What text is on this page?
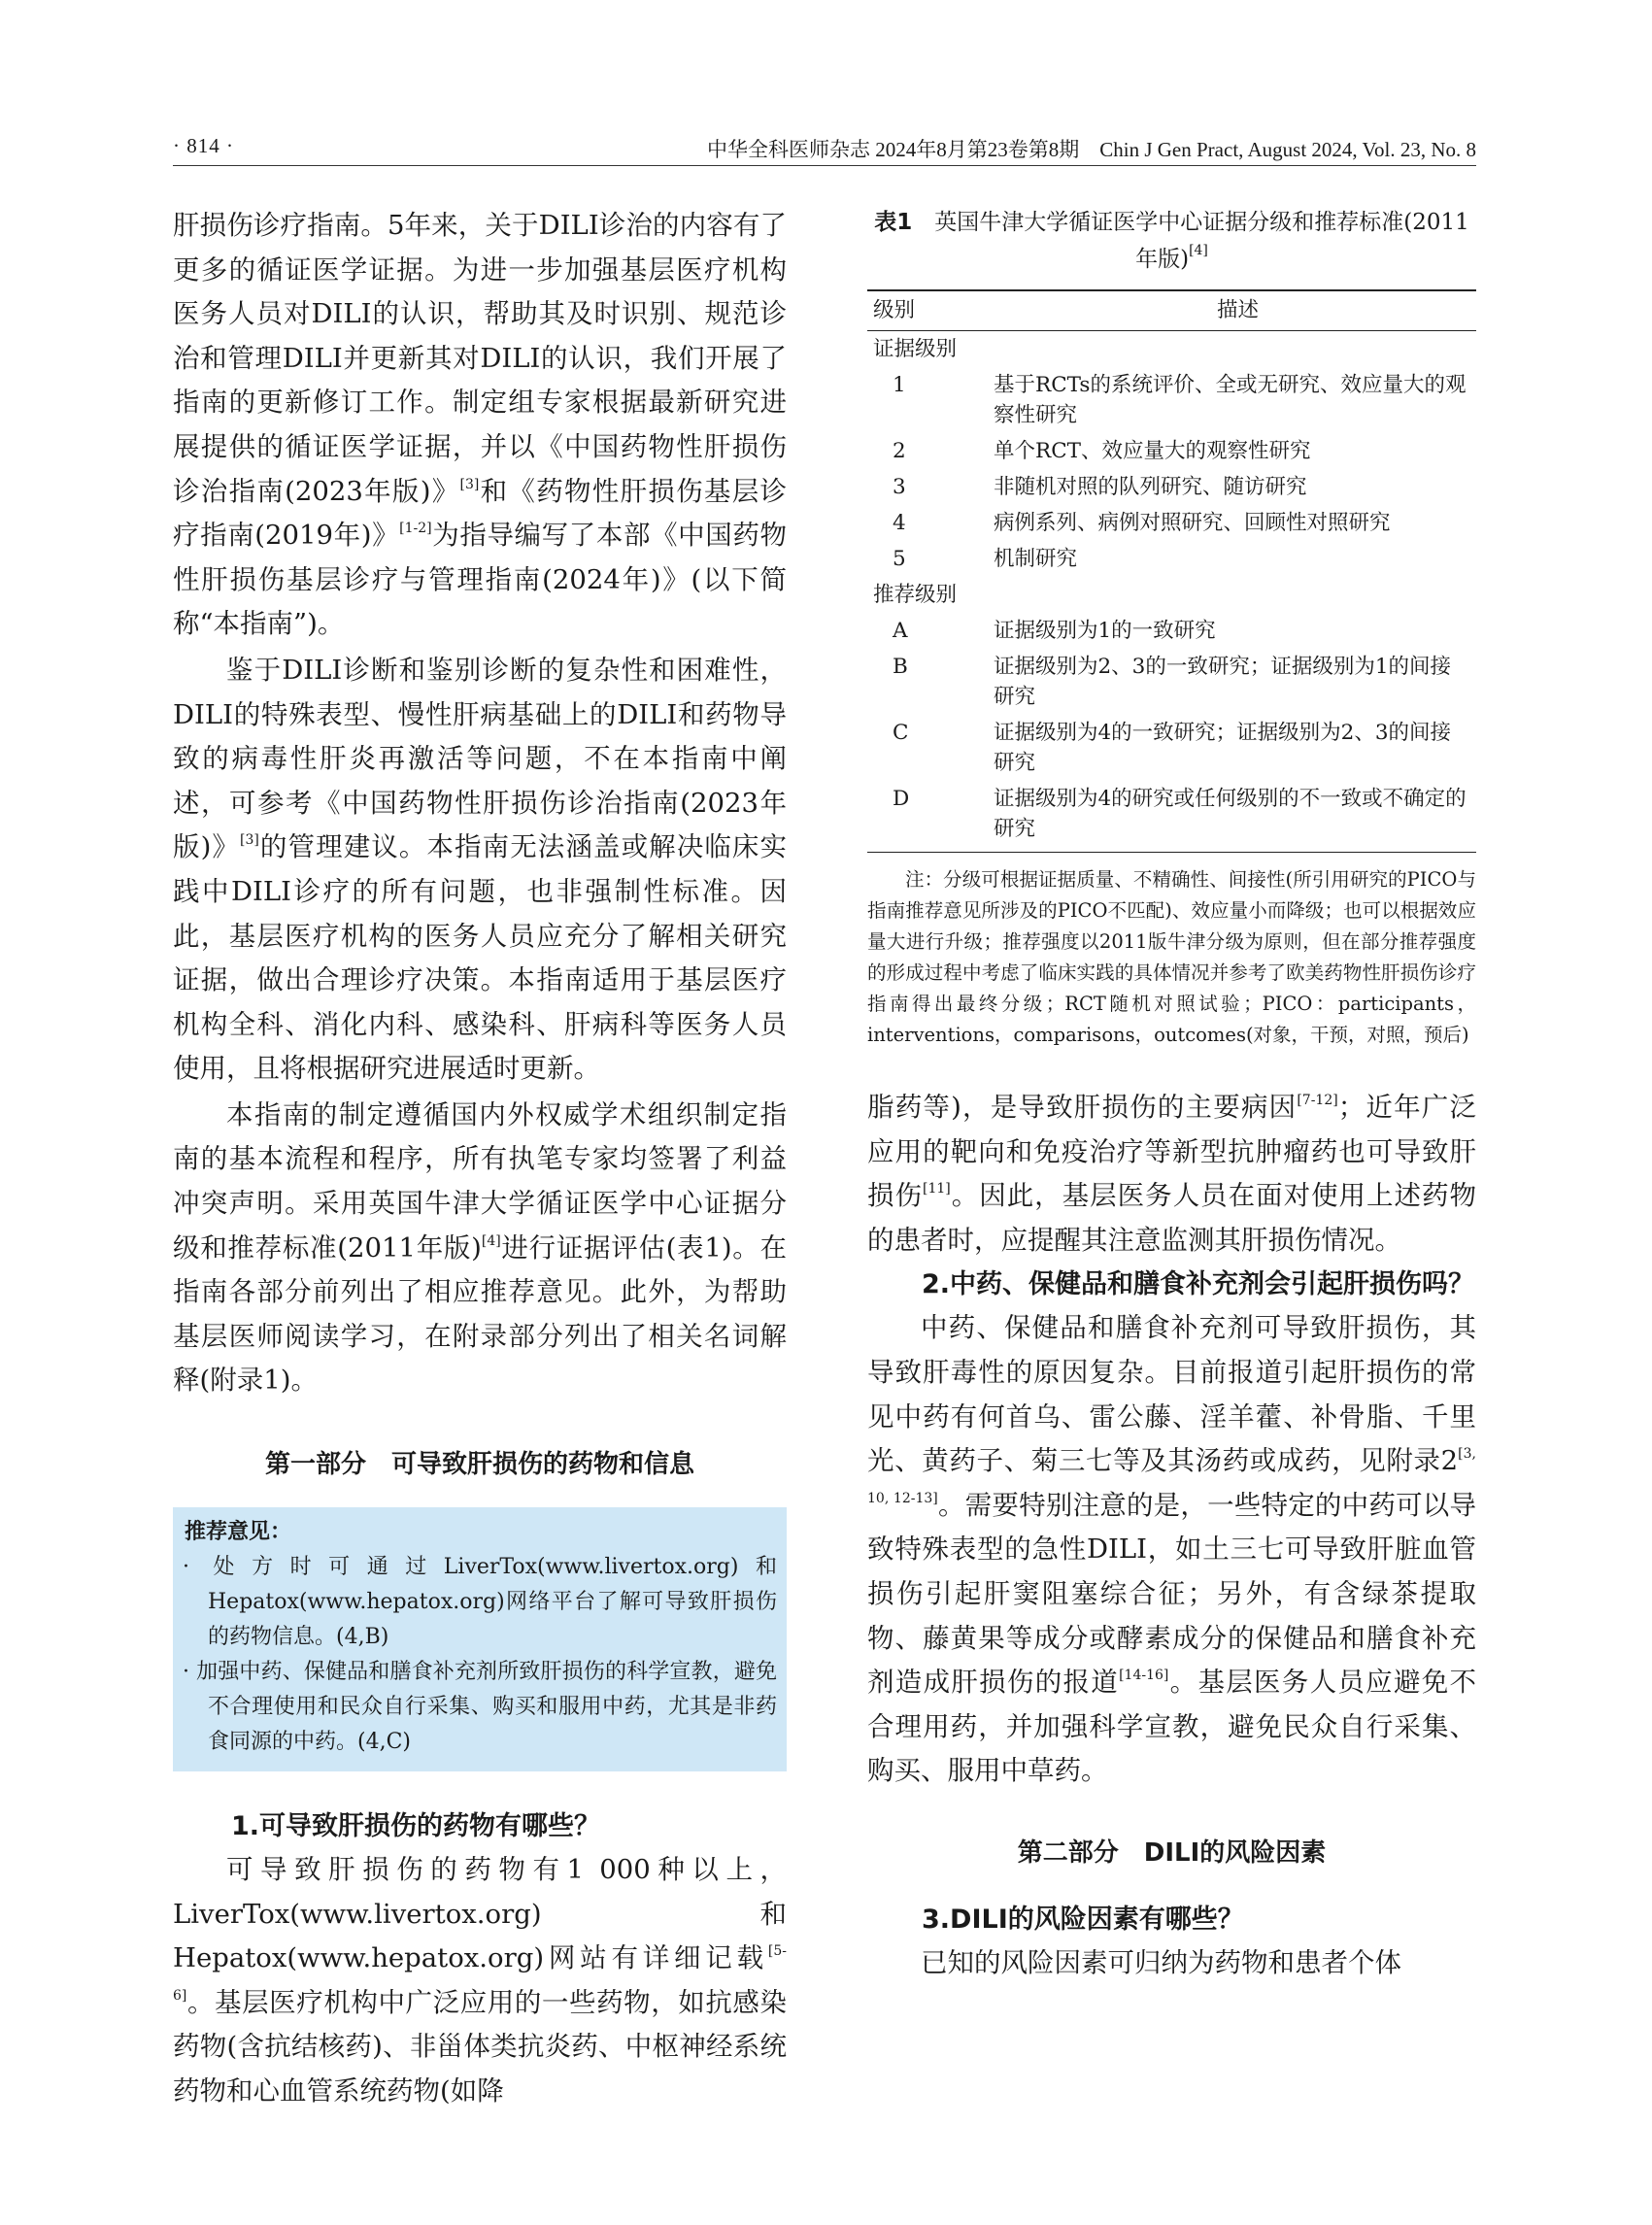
· 814 ·	中华全科医师杂志 2024年8月第23卷第8期　Chin J Gen Pract, August 2024, Vol. 23, No. 8

肝损伤诊疗指南。5年来，关于DILI诊治的内容有了更多的循证医学证据。为进一步加强基层医疗机构医务人员对DILI的认识，帮助其及时识别、规范诊治和管理DILI并更新其对DILI的认识，我们开展了指南的更新修订工作。制定组专家根据最新研究进展提供的循证医学证据，并以《中国药物性肝损伤诊治指南(2023年版)》[3]和《药物性肝损伤基层诊疗指南(2019年)》[1-2]为指导编写了本部《中国药物性肝损伤基层诊疗与管理指南(2024年)》(以下简称“本指南”)。

鉴于DILI诊断和鉴别诊断的复杂性和困难性，DILI的特殊表型、慢性肝病基础上的DILI和药物导致的病毒性肝炎再激活等问题，不在本指南中阐述，可参考《中国药物性肝损伤诊治指南(2023年版)》[3]的管理建议。本指南无法涵盖或解决临床实践中DILI诊疗的所有问题，也非强制性标准。因此，基层医疗机构的医务人员应充分了解相关研究证据，做出合理诊疗决策。本指南适用于基层医疗机构全科、消化内科、感染科、肝病科等医务人员使用，且将根据研究进展适时更新。

本指南的制定遵循国内外权威学术组织制定指南的基本流程和程序，所有执笔专家均签署了利益冲突声明。采用英国牛津大学循证医学中心证据分级和推荐标准(2011年版)[4]进行证据评估(表1)。在指南各部分前列出了相应推荐意见。此外，为帮助基层医师阅读学习，在附录部分列出了相关名词解释(附录1)。

第一部分　可导致肝损伤的药物和信息

推荐意见：
· 处方时可通过LiverTox(www.livertox.org)和Hepatox(www.hepatox.org)网络平台了解可导致肝损伤的药物信息。(4,B)
· 加强中药、保健品和膳食补充剂所致肝损伤的科学宣教，避免不合理使用和民众自行采集、购买和服用中药，尤其是非药食同源的中药。(4,C)

1.可导致肝损伤的药物有哪些？

可导致肝损伤的药物有1 000种以上，LiverTox(www.livertox.org)和Hepatox(www.hepatox.org)网站有详细记载[5-6]。基层医疗机构中广泛应用的一些药物，如抗感染药物(含抗结核药)、非甾体类抗炎药、中枢神经系统药物和心血管系统药物(如降

表1　 英国牛津大学循证医学中心证据分级和推荐标准(2011年版)[4]

级别	描述
证据级别	
1	基于RCTs的系统评价、全或无研究、效应量大的观察性研究
2	单个RCT、效应量大的观察性研究
3	非随机对照的队列研究、随访研究
4	病例系列、病例对照研究、回顾性对照研究
5	机制研究
推荐级别	
A	证据级别为1的一致研究
B	证据级别为2、3的一致研究；证据级别为1的间接研究
C	证据级别为4的一致研究；证据级别为2、3的间接研究
D	证据级别为4的研究或任何级别的不一致或不确定的研究

注：分级可根据证据质量、不精确性、间接性(所引用研究的PICO与指南推荐意见所涉及的PICO不匹配)、效应量小而降级；也可以根据效应量大进行升级；推荐强度以2011版牛津分级为原则，但在部分推荐强度的形成过程中考虑了临床实践的具体情况并参考了欧美药物性肝损伤诊疗指南得出最终分级；RCT随机对照试验；PICO：participants，interventions，comparisons，outcomes(对象，干预，对照，预后)

脂药等)，是导致肝损伤的主要病因[7-12]；近年广泛应用的靶向和免疫治疗等新型抗肿瘤药也可导致肝损伤[11]。因此，基层医务人员在面对使用上述药物的患者时，应提醒其注意监测其肝损伤情况。

2.中药、保健品和膳食补充剂会引起肝损伤吗？

中药、保健品和膳食补充剂可导致肝损伤，其导致肝毒性的原因复杂。目前报道引起肝损伤的常见中药有何首乌、雷公藤、淫羊藿、补骨脂、千里光、黄药子、菊三七等及其汤药或成药，见附录2[3, 10, 12-13]。需要特别注意的是，一些特定的中药可以导致特殊表型的急性DILI，如土三七可导致肝脏血管损伤引起肝窦阻塞综合征；另外，有含绿茶提取物、藤黄果等成分或酵素成分的保健品和膳食补充剂造成肝损伤的报道[14-16]。基层医务人员应避免不合理用药，并加强科学宣教，避免民众自行采集、购买、服用中草药。

第二部分　DILI的风险因素

3.DILI的风险因素有哪些？

已知的风险因素可归纳为药物和患者个体
